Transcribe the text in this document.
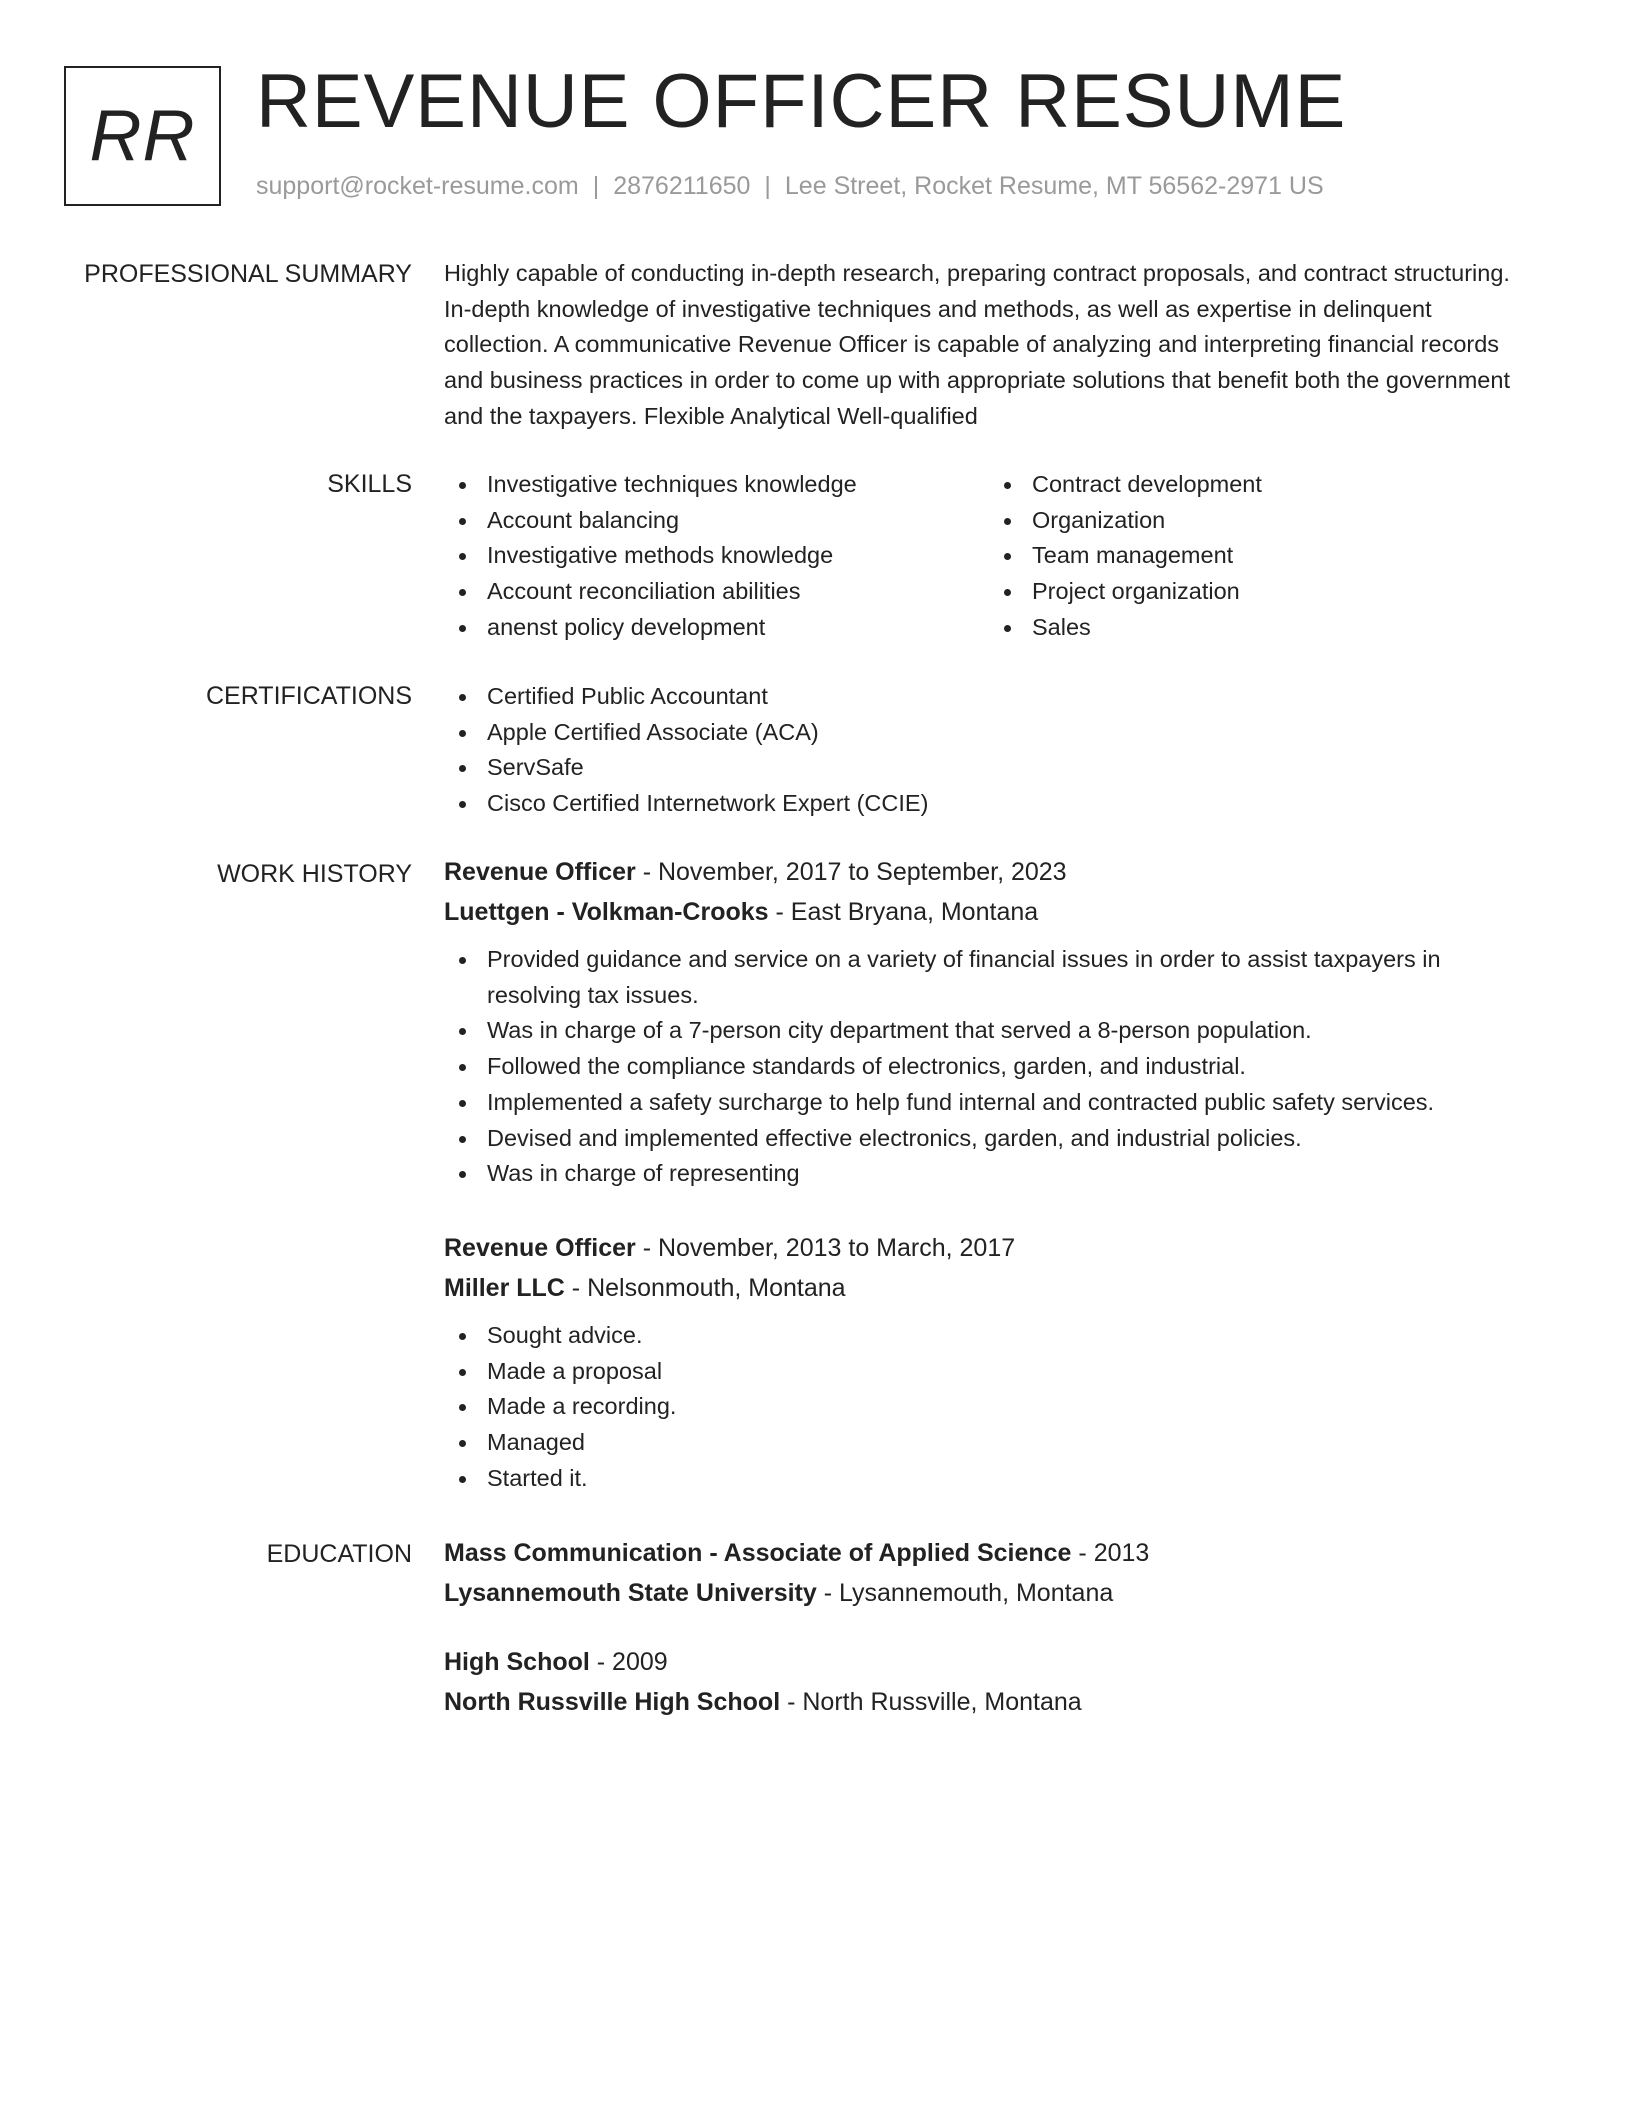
RR REVENUE OFFICER RESUME
support@rocket-resume.com | 2876211650 | Lee Street, Rocket Resume, MT 56562-2971 US
PROFESSIONAL SUMMARY Highly capable of conducting in-depth research, preparing contract proposals, and contract structuring. In-depth knowledge of investigative techniques and methods, as well as expertise in delinquent collection. A communicative Revenue Officer is capable of analyzing and interpreting financial records and business practices in order to come up with appropriate solutions that benefit both the government and the taxpayers. Flexible Analytical Well-qualified

SKILLS	Investigative techniques knowledge
Account balancing
Investigative methods knowledge
Account reconciliation abilities
anenst policy development
Contract development
Organization
Team management
Project organization
Sales
CERTIFICATIONS	Certified Public Accountant
Apple Certified Associate (ACA)
ServSafe
Cisco Certified Internetwork Expert (CCIE)
WORK HISTORY Revenue Officer - November, 2017 to September, 2023
Luettgen - Volkman-Crooks - East Bryana, Montana
Provided guidance and service on a variety of financial issues in order to assist taxpayers in resolving tax issues.
Was in charge of a 7-person city department that served a 8-person population.
Followed the compliance standards of electronics, garden, and industrial.
Implemented a safety surcharge to help fund internal and contracted public safety services.
Devised and implemented effective electronics, garden, and industrial policies.
Was in charge of representing
Revenue Officer - November, 2013 to March, 2017
Miller LLC - Nelsonmouth, Montana
Sought advice.
Made a proposal
Made a recording.
Managed
Started it.
EDUCATION Mass Communication - Associate of Applied Science - 2013
Lysannemouth State University - Lysannemouth, Montana
High School - 2009
North Russville High School - North Russville, Montana
